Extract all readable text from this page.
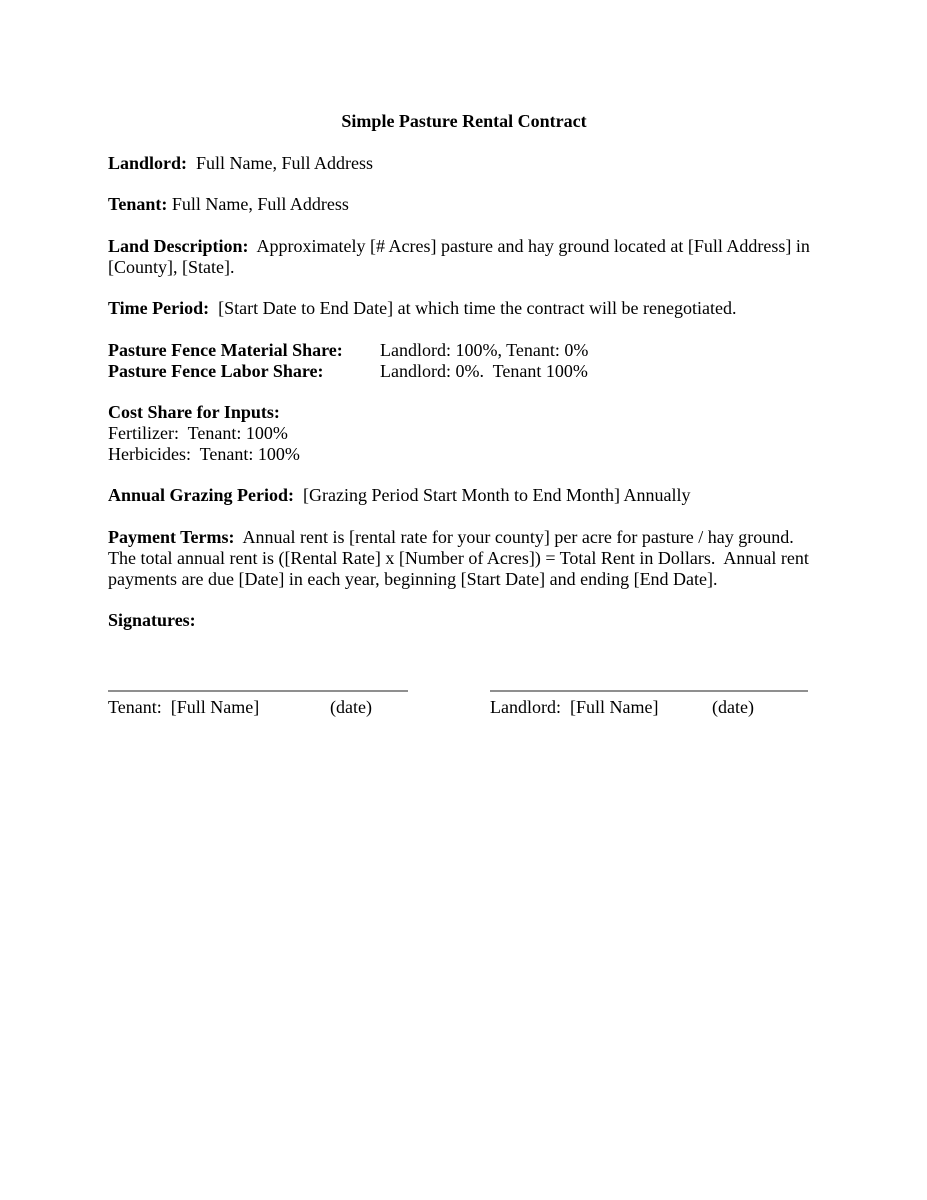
Simple Pasture Rental Contract
Landlord:  Full Name, Full Address
Tenant: Full Name, Full Address
Land Description:  Approximately [# Acres] pasture and hay ground located at [Full Address] in [County], [State].
Time Period:  [Start Date to End Date] at which time the contract will be renegotiated.
Pasture Fence Material Share: Landlord: 100%, Tenant: 0%
Pasture Fence Labor Share:	Landlord: 0%.  Tenant 100%
Cost Share for Inputs:
Fertilizer:  Tenant: 100%
Herbicides:  Tenant: 100%
Annual Grazing Period:  [Grazing Period Start Month to End Month] Annually
Payment Terms:  Annual rent is [rental rate for your county] per acre for pasture / hay ground.  The total annual rent is ([Rental Rate] x [Number of Acres]) = Total Rent in Dollars.  Annual rent payments are due [Date] in each year, beginning [Start Date] and ending [End Date].
Signatures:
Tenant:  [Full Name]	(date)	Landlord:  [Full Name]	(date)
